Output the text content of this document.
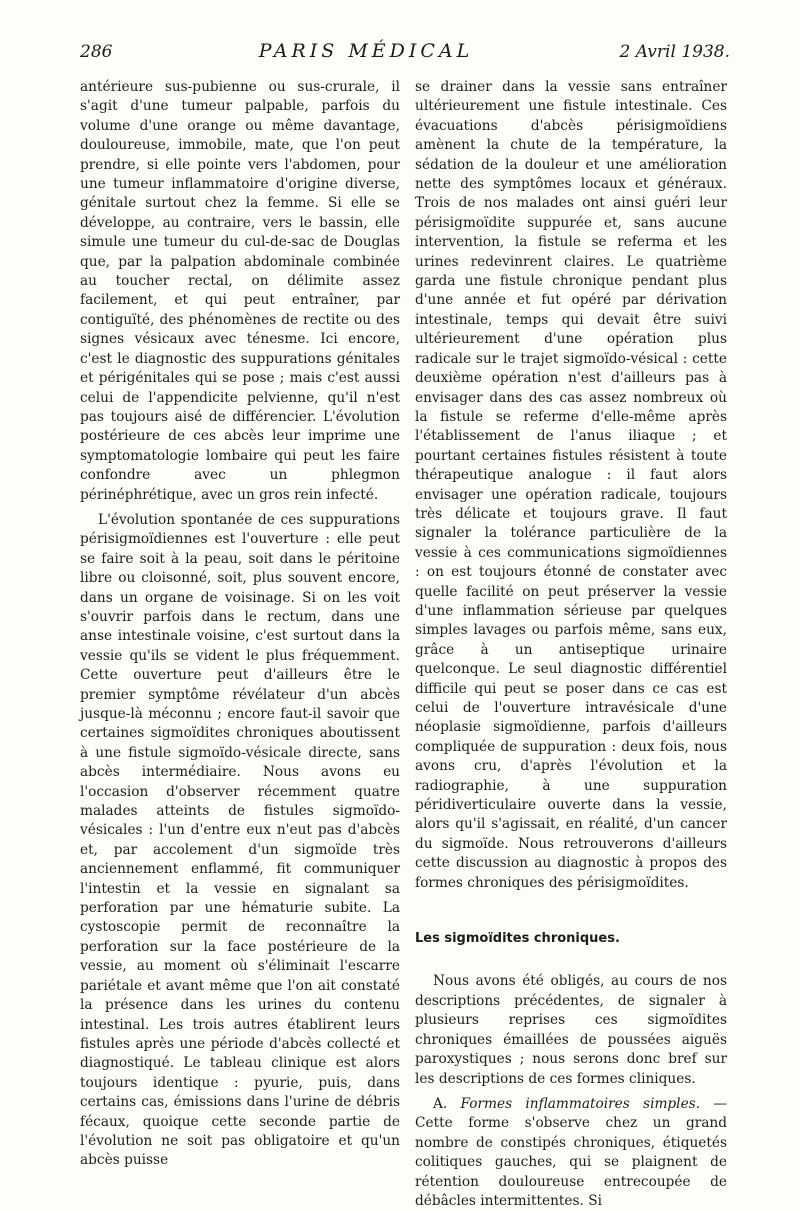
286	PARIS MÉDICAL	2 Avril 1938.

antérieure sus-pubienne ou sus-crurale, il s'agit d'une tumeur palpable, parfois du volume d'une orange ou même davantage, douloureuse, immobile, mate, que l'on peut prendre, si elle pointe vers l'abdomen, pour une tumeur inflammatoire d'origine diverse, génitale surtout chez la femme. Si elle se développe, au contraire, vers le bassin, elle simule une tumeur du cul-de-sac de Douglas que, par la palpation abdominale combinée au toucher rectal, on délimite assez facilement, et qui peut entraîner, par contiguïté, des phénomènes de rectite ou des signes vésicaux avec ténesme. Ici encore, c'est le diagnostic des suppurations génitales et périgénitales qui se pose ; mais c'est aussi celui de l'appendicite pelvienne, qu'il n'est pas toujours aisé de différencier. L'évolution postérieure de ces abcès leur imprime une symptomatologie lombaire qui peut les faire confondre avec un phlegmon périnéphrétique, avec un gros rein infecté.

L'évolution spontanée de ces suppurations périsigmoïdiennes est l'ouverture : elle peut se faire soit à la peau, soit dans le péritoine libre ou cloisonné, soit, plus souvent encore, dans un organe de voisinage. Si on les voit s'ouvrir parfois dans le rectum, dans une anse intestinale voisine, c'est surtout dans la vessie qu'ils se vident le plus fréquemment. Cette ouverture peut d'ailleurs être le premier symptôme révélateur d'un abcès jusque-là méconnu ; encore faut-il savoir que certaines sigmoïdites chroniques aboutissent à une fistule sigmoïdo-vésicale directe, sans abcès intermédiaire. Nous avons eu l'occasion d'observer récemment quatre malades atteints de fistules sigmoïdo-vésicales : l'un d'entre eux n'eut pas d'abcès et, par accolement d'un sigmoïde très anciennement enflammé, fit communiquer l'intestin et la vessie en signalant sa perforation par une hématurie subite. La cystoscopie permit de reconnaître la perforation sur la face postérieure de la vessie, au moment où s'éliminait l'escarre pariétale et avant même que l'on ait constaté la présence dans les urines du contenu intestinal. Les trois autres établirent leurs fistules après une période d'abcès collecté et diagnostiqué. Le tableau clinique est alors toujours identique : pyurie, puis, dans certains cas, émissions dans l'urine de débris fécaux, quoique cette seconde partie de l'évolution ne soit pas obligatoire et qu'un abcès puisse

se drainer dans la vessie sans entraîner ultérieurement une fistule intestinale. Ces évacuations d'abcès périsigmoïdiens amènent la chute de la température, la sédation de la douleur et une amélioration nette des symptômes locaux et généraux. Trois de nos malades ont ainsi guéri leur périsigmoïdite suppurée et, sans aucune intervention, la fistule se referma et les urines redevinrent claires. Le quatrième garda une fistule chronique pendant plus d'une année et fut opéré par dérivation intestinale, temps qui devait être suivi ultérieurement d'une opération plus radicale sur le trajet sigmoïdo-vésical : cette deuxième opération n'est d'ailleurs pas à envisager dans des cas assez nombreux où la fistule se referme d'elle-même après l'établissement de l'anus iliaque ; et pourtant certaines fistules résistent à toute thérapeutique analogue : il faut alors envisager une opération radicale, toujours très délicate et toujours grave. Il faut signaler la tolérance particulière de la vessie à ces communications sigmoïdiennes : on est toujours étonné de constater avec quelle facilité on peut préserver la vessie d'une inflammation sérieuse par quelques simples lavages ou parfois même, sans eux, grâce à un antiseptique urinaire quelconque. Le seul diagnostic différentiel difficile qui peut se poser dans ce cas est celui de l'ouverture intravésicale d'une néoplasie sigmoïdienne, parfois d'ailleurs compliquée de suppuration : deux fois, nous avons cru, d'après l'évolution et la radiographie, à une suppuration péridiverticulaire ouverte dans la vessie, alors qu'il s'agissait, en réalité, d'un cancer du sigmoïde. Nous retrouverons d'ailleurs cette discussion au diagnostic à propos des formes chroniques des périsigmoïdites.

Les sigmoïdites chroniques.

Nous avons été obligés, au cours de nos descriptions précédentes, de signaler à plusieurs reprises ces sigmoïdites chroniques émaillées de poussées aiguës paroxystiques ; nous serons donc bref sur les descriptions de ces formes cliniques.

A. Formes inflammatoires simples. — Cette forme s'observe chez un grand nombre de constipés chroniques, étiquetés colitiques gauches, qui se plaignent de rétention douloureuse entrecoupée de débâcles intermittentes. Si
